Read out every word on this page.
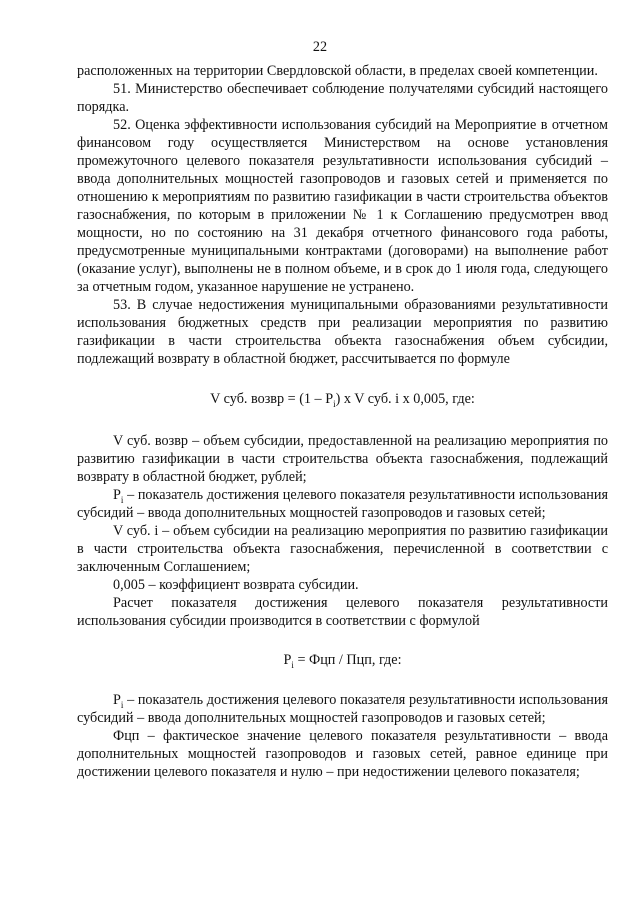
22

расположенных на территории Свердловской области, в пределах своей компетенции.

51. Министерство обеспечивает соблюдение получателями субсидий настоящего порядка.

52. Оценка эффективности использования субсидий на Мероприятие в отчетном финансовом году осуществляется Министерством на основе установления промежуточного целевого показателя результативности использования субсидий – ввода дополнительных мощностей газопроводов и газовых сетей и применяется по отношению к мероприятиям по развитию газификации в части строительства объектов газоснабжения, по которым в приложении № 1 к Соглашению предусмотрен ввод мощности, но по состоянию на 31 декабря отчетного финансового года работы, предусмотренные муниципальными контрактами (договорами) на выполнение работ (оказание услуг), выполнены не в полном объеме, и в срок до 1 июля года, следующего за отчетным годом, указанное нарушение не устранено.

53. В случае недостижения муниципальными образованиями результативности использования бюджетных средств при реализации мероприятия по развитию газификации в части строительства объекта газоснабжения объем субсидии, подлежащий возврату в областной бюджет, рассчитывается по формуле

V суб. возвр = $(1 - P_i)$ x V суб. i x 0,005, где:

V суб. возвр – объем субсидии, предоставленной на реализацию мероприятия по развитию газификации в части строительства объекта газоснабжения, подлежащий возврату в областной бюджет, рублей;

$P_i$ – показатель достижения целевого показателя результативности использования субсидий – ввода дополнительных мощностей газопроводов и газовых сетей;

V суб. i – объем субсидии на реализацию мероприятия по развитию газификации в части строительства объекта газоснабжения, перечисленной в соответствии с заключенным Соглашением;

0,005 – коэффициент возврата субсидии.

Расчет показателя достижения целевого показателя результативности использования субсидии производится в соответствии с формулой

$P_i$ = Фцп / Пцп, где:

$P_i$ – показатель достижения целевого показателя результативности использования субсидий – ввода дополнительных мощностей газопроводов и газовых сетей;

Фцп – фактическое значение целевого показателя результативности – ввода дополнительных мощностей газопроводов и газовых сетей, равное единице при достижении целевого показателя и нулю – при недостижении целевого показателя;
